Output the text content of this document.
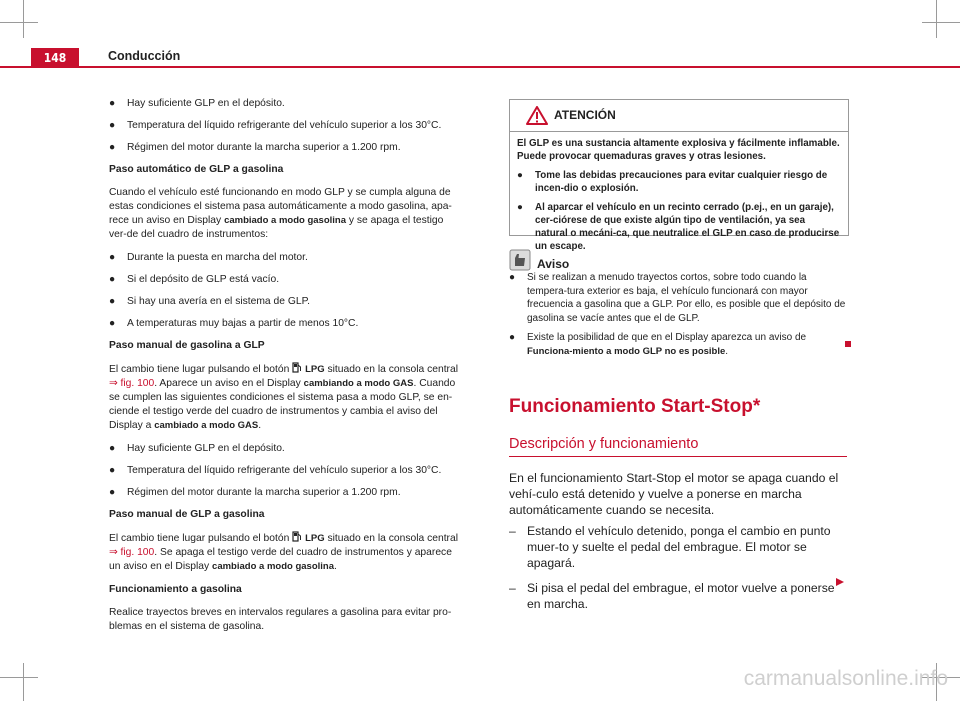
148	Conducción
● Hay suficiente GLP en el depósito.
● Temperatura del líquido refrigerante del vehículo superior a los 30°C.
● Régimen del motor durante la marcha superior a 1.200 rpm.

Paso automático de GLP a gasolina

Cuando el vehículo esté funcionando en modo GLP y se cumpla alguna de estas condiciones el sistema pasa automáticamente a modo gasolina, apa-rece un aviso en Display cambiado a modo gasolina y se apaga el testigo ver-de del cuadro de instrumentos:

● Durante la puesta en marcha del motor.
● Si el depósito de GLP está vacío.
● Si hay una avería en el sistema de GLP.
● A temperaturas muy bajas a partir de menos 10°C.

Paso manual de gasolina a GLP

El cambio tiene lugar pulsando el botón LPG situado en la consola central ⇒ fig. 100. Aparece un aviso en el Display cambiando a modo GAS. Cuando se cumplen las siguientes condiciones el sistema pasa a modo GLP, se en-ciende el testigo verde del cuadro de instrumentos y cambia el aviso del Display a cambiado a modo GAS.

● Hay suficiente GLP en el depósito.
● Temperatura del líquido refrigerante del vehículo superior a los 30°C.
● Régimen del motor durante la marcha superior a 1.200 rpm.

Paso manual de GLP a gasolina

El cambio tiene lugar pulsando el botón LPG situado en la consola central ⇒ fig. 100. Se apaga el testigo verde del cuadro de instrumentos y aparece un aviso en el Display cambiado a modo gasolina.

Funcionamiento a gasolina

Realice trayectos breves en intervalos regulares a gasolina para evitar pro-blemas en el sistema de gasolina.

ATENCIÓN

El GLP es una sustancia altamente explosiva y fácilmente inflamable. Puede provocar quemaduras graves y otras lesiones.

● Tome las debidas precauciones para evitar cualquier riesgo de incen-dio o explosión.
● Al aparcar el vehículo en un recinto cerrado (p.ej., en un garaje), cer-ciórese de que existe algún tipo de ventilación, ya sea natural o mecáni-ca, que neutralice el GLP en caso de producirse un escape.
Aviso
● Si se realizan a menudo trayectos cortos, sobre todo cuando la tempera-tura exterior es baja, el vehículo funcionará con mayor frecuencia a gasolina que a GLP. Por ello, es posible que el depósito de gasolina se vacíe antes que el de GLP.
● Existe la posibilidad de que en el Display aparezca un aviso de Funciona-miento a modo GLP no es posible.
Funcionamiento Start-Stop*
Descripción y funcionamiento
En el funcionamiento Start-Stop el motor se apaga cuando el vehí-culo está detenido y vuelve a ponerse en marcha automáticamente cuando se necesita.
– Estando el vehículo detenido, ponga el cambio en punto muer-to y suelte el pedal del embrague. El motor se apagará.
– Si pisa el pedal del embrague, el motor vuelve a ponerse en marcha.
carmanualsonline.info
